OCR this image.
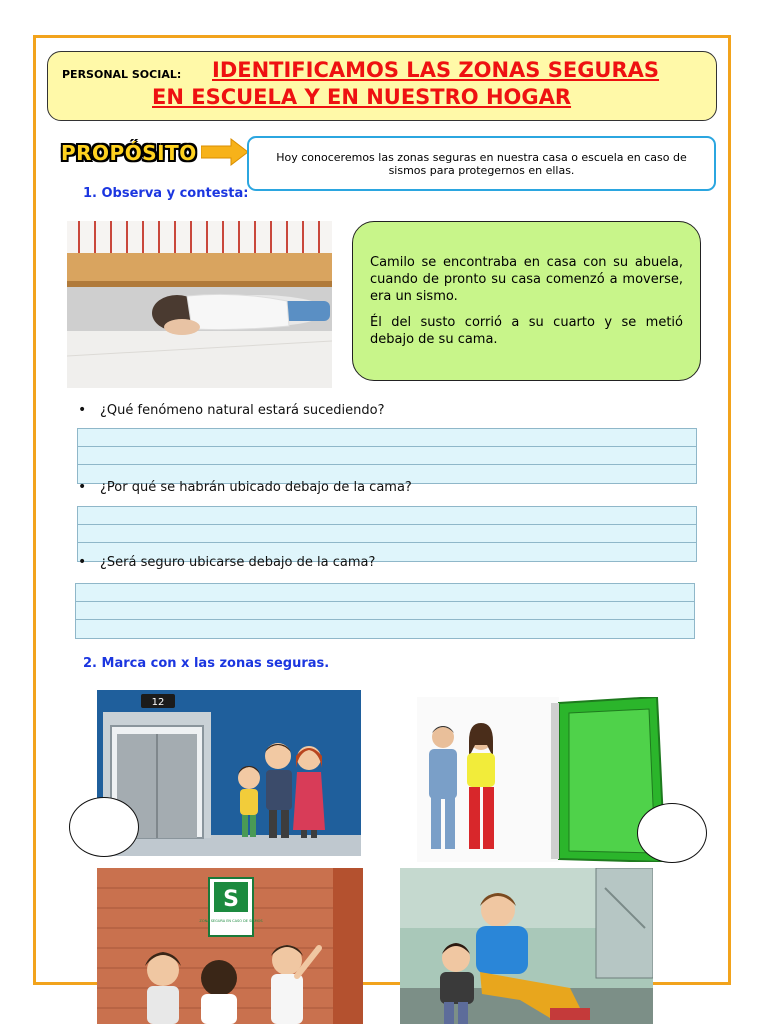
PERSONAL SOCIAL: IDENTIFICAMOS LAS ZONAS SEGURAS
EN ESCUELA Y EN NUESTRO HOGAR
PROPÓSITO	Hoy conoceremos las zonas seguras en nuestra casa o escuela en caso de sismos para protegernos en ellas.
1. Observa y contesta:

Camilo se encontraba en casa con su abuela, cuando de pronto su casa comenzó a moverse, era un sismo.

Él del susto corrió a su cuarto y se metió debajo de su cama.

• ¿Qué fenómeno natural estará sucediendo?
• ¿Por qué se habrán ubicado debajo de la cama?
• ¿Será seguro ubicarse debajo de la cama?
2. Marca con x las zonas seguras.
12
S
ZONA SEGURA EN CASO DE SISMOS
